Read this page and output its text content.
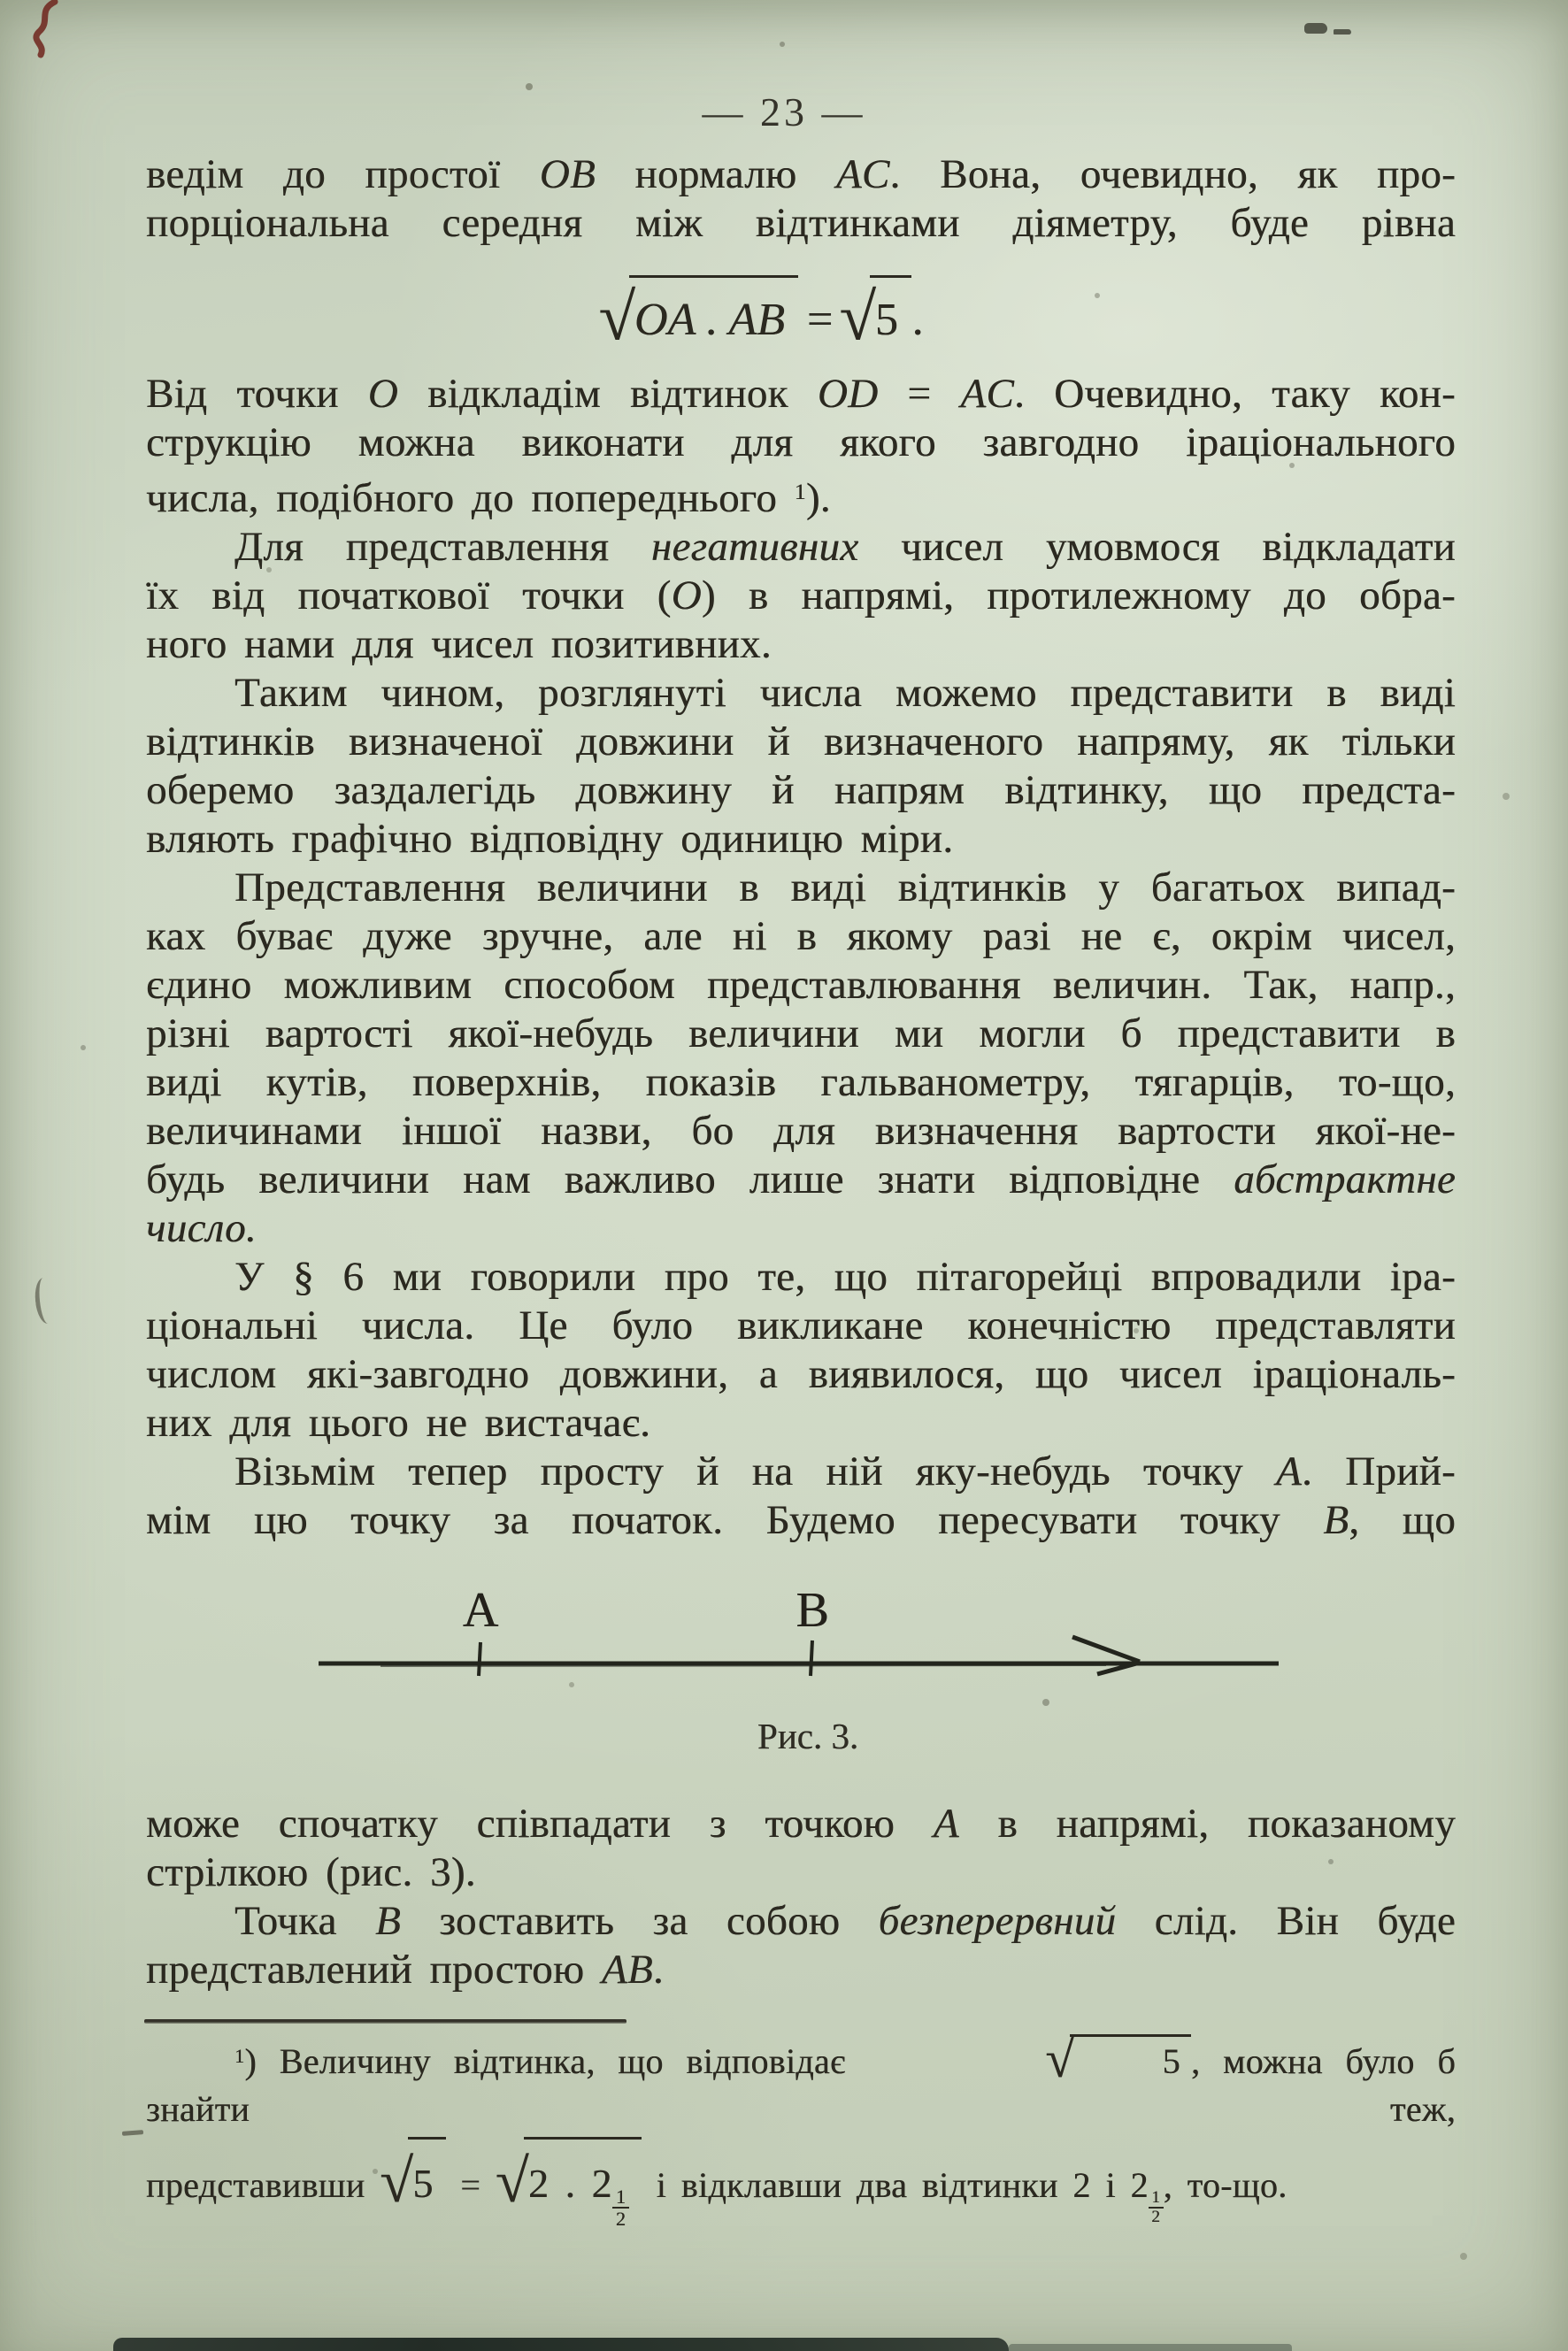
— 23 —
ведім до простої OB нормалю AC. Вона, очевидно, як про-
порціональна середня між відтинками діяметру, буде рівна
√OA . AB = √5 .
Від точки O відкладім відтинок OD = AC. Очевидно, таку кон-
струкцію можна виконати для якого завгодно іраціонального
числа, подібного до попереднього $^1$).
Для представлення негативних чисел умовмося відкладати
їх від початкової точки (O) в напрямі, протилежному до обра-
ного нами для чисел позитивних.
Таким чином, розглянуті числа можемо представити в виді
відтинків визначеної довжини й визначеного напряму, як тільки
оберемо заздалегідь довжину й напрям відтинку, що предста-
вляють графічно відповідну одиницю міри.
Представлення величини в виді відтинків у багатьох випад-
ках буває дуже зручне, але ні в якому разі не є, окрім чисел,
єдино можливим способом представлювання величин. Так, напр.,
різні вартості якої-небудь величини ми могли б представити в
виді кутів, поверхнів, показів гальванометру, тягарців, то-що,
величинами іншої назви, бо для визначення вартости якої-не-
будь величини нам важливо лише знати відповідне абстрактне
число.
У § 6 ми говорили про те, що пітагорейці впровадили іра-
ціональні числа. Це було викликане конечністю представляти
числом які-завгодно довжини, а виявилося, що чисел іраціональ-
них для цього не вистачає.
Візьмім тепер просту й на ній яку-небудь точку A. Прий-
мім цю точку за початок. Будемо пересувати точку B, що
A	B
Рис. 3.
може спочатку співпадати з точкою A в напрямі, показаному
стрілкою (рис. 3).
Точка B зоставить за собою безперервний слід. Він буде
представлений простою AB.
$^1$) Величину відтинка, що відповідає	√ 5 , можна було б знайти теж,
представивши √5 = √2 . 2
$\frac{1}{2}$
і відклавши два відтинки 2 і 2
$\frac{1}{2}$
, то-що.
